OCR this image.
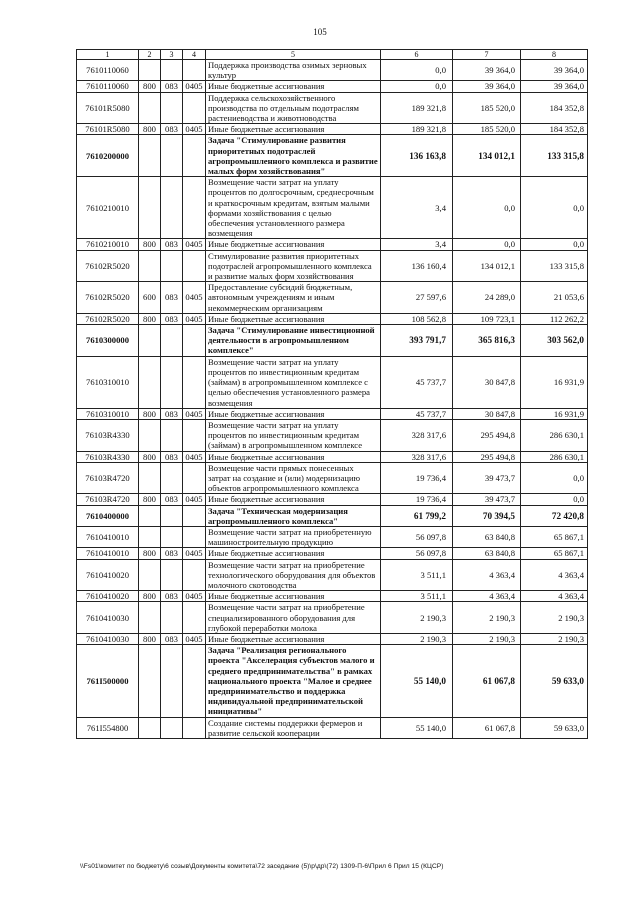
105
1	2	3	4	5	6	7	8
7610110060				Поддержка производства озимых зерновых культур	0,0	39 364,0	39 364,0
7610110060	800	083	0405	Иные бюджетные ассигнования	0,0	39 364,0	39 364,0
76101R5080				Поддержка сельскохозяйственного производства по отдельным подотраслям растениеводства и животноводства	189 321,8	185 520,0	184 352,8
76101R5080	800	083	0405	Иные бюджетные ассигнования	189 321,8	185 520,0	184 352,8
7610200000				Задача "Стимулирование развития приоритетных подотраслей агропромышленного комплекса и развитие малых форм хозяйствования"	136 163,8	134 012,1	133 315,8
7610210010				Возмещение части затрат на уплату процентов по долгосрочным, среднесрочным и краткосрочным кредитам, взятым малыми формами хозяйствования с целью обеспечения установленного размера возмещения	3,4	0,0	0,0
7610210010	800	083	0405	Иные бюджетные ассигнования	3,4	0,0	0,0
76102R5020				Стимулирование развития приоритетных подотраслей агропромышленного комплекса и развитие малых форм хозяйствования	136 160,4	134 012,1	133 315,8
76102R5020	600	083	0405	Предоставление субсидий бюджетным, автономным учреждениям и иным некоммерческим организациям	27 597,6	24 289,0	21 053,6
76102R5020	800	083	0405	Иные бюджетные ассигнования	108 562,8	109 723,1	112 262,2
7610300000				Задача "Стимулирование инвестиционной деятельности в агропромышленном комплексе"	393 791,7	365 816,3	303 562,0
7610310010				Возмещение части затрат на уплату процентов по инвестиционным кредитам (займам) в агропромышленном комплексе с целью обеспечения установленного размера возмещения	45 737,7	30 847,8	16 931,9
7610310010	800	083	0405	Иные бюджетные ассигнования	45 737,7	30 847,8	16 931,9
76103R4330				Возмещение части затрат на уплату процентов по инвестиционным кредитам (займам) в агропромышленном комплексе	328 317,6	295 494,8	286 630,1
76103R4330	800	083	0405	Иные бюджетные ассигнования	328 317,6	295 494,8	286 630,1
76103R4720				Возмещение части прямых понесенных затрат на создание и (или) модернизацию объектов агропромышленного комплекса	19 736,4	39 473,7	0,0
76103R4720	800	083	0405	Иные бюджетные ассигнования	19 736,4	39 473,7	0,0
7610400000				Задача "Техническая модернизация агропромышленного комплекса"	61 799,2	70 394,5	72 420,8
7610410010				Возмещение части затрат на приобретенную машиностроительную продукцию	56 097,8	63 840,8	65 867,1
7610410010	800	083	0405	Иные бюджетные ассигнования	56 097,8	63 840,8	65 867,1
7610410020				Возмещение части затрат на приобретение технологического оборудования для объектов молочного скотоводства	3 511,1	4 363,4	4 363,4
7610410020	800	083	0405	Иные бюджетные ассигнования	3 511,1	4 363,4	4 363,4
7610410030				Возмещение части затрат на приобретение специализированного оборудования для глубокой переработки молока	2 190,3	2 190,3	2 190,3
7610410030	800	083	0405	Иные бюджетные ассигнования	2 190,3	2 190,3	2 190,3
761I500000				Задача "Реализация регионального проекта "Акселерация субъектов малого и среднего предпринимательства" в рамках национального проекта "Малое и среднее предпринимательство и поддержка индивидуальной предпринимательской инициативы"	55 140,0	61 067,8	59 633,0
761I554800				Создание системы поддержки фермеров и развитие сельской кооперации	55 140,0	61 067,8	59 633,0
\\Fs01\комитет по бюджету\6 созыв\Документы комитета\72 заседание (5)\р\др\(72) 1309-П-6\Прил 6 Прил 15 (КЦСР)
